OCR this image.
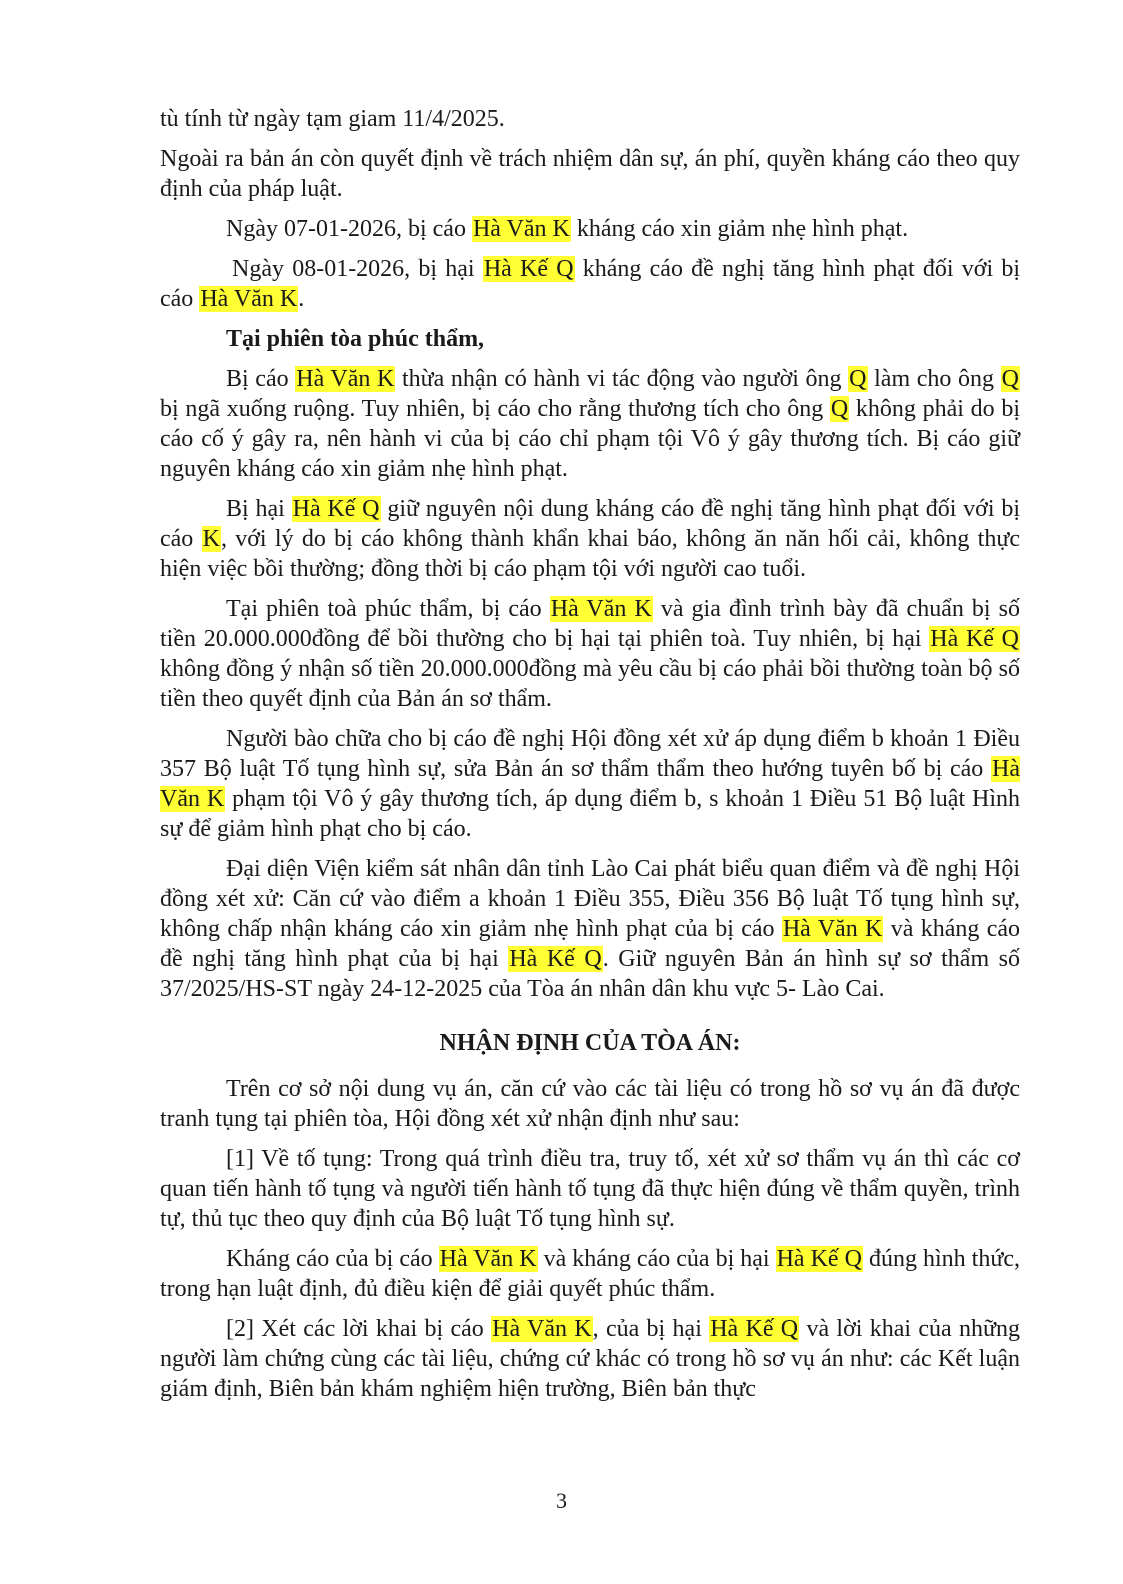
tù tính từ ngày tạm giam 11/4/2025.

Ngoài ra bản án còn quyết định về trách nhiệm dân sự, án phí, quyền kháng cáo theo quy định của pháp luật.

Ngày 07-01-2026, bị cáo Hà Văn K kháng cáo xin giảm nhẹ hình phạt.

Ngày 08-01-2026, bị hại Hà Kế Q kháng cáo đề nghị tăng hình phạt đối với bị cáo Hà Văn K.

Tại phiên tòa phúc thẩm,

Bị cáo Hà Văn K thừa nhận có hành vi tác động vào người ông Q làm cho ông Q bị ngã xuống ruộng. Tuy nhiên, bị cáo cho rằng thương tích cho ông Q không phải do bị cáo cố ý gây ra, nên hành vi của bị cáo chỉ phạm tội Vô ý gây thương tích. Bị cáo giữ nguyên kháng cáo xin giảm nhẹ hình phạt.

Bị hại Hà Kế Q giữ nguyên nội dung kháng cáo đề nghị tăng hình phạt đối với bị cáo K, với lý do bị cáo không thành khẩn khai báo, không ăn năn hối cải, không thực hiện việc bồi thường; đồng thời bị cáo phạm tội với người cao tuổi.

Tại phiên toà phúc thẩm, bị cáo Hà Văn K và gia đình trình bày đã chuẩn bị số tiền 20.000.000đồng để bồi thường cho bị hại tại phiên toà. Tuy nhiên, bị hại Hà Kế Q không đồng ý nhận số tiền 20.000.000đồng mà yêu cầu bị cáo phải bồi thường toàn bộ số tiền theo quyết định của Bản án sơ thẩm.

Người bào chữa cho bị cáo đề nghị Hội đồng xét xử áp dụng điểm b khoản 1 Điều 357 Bộ luật Tố tụng hình sự, sửa Bản án sơ thẩm thẩm theo hướng tuyên bố bị cáo Hà Văn K phạm tội Vô ý gây thương tích, áp dụng điểm b, s khoản 1 Điều 51 Bộ luật Hình sự để giảm hình phạt cho bị cáo.

Đại diện Viện kiểm sát nhân dân tỉnh Lào Cai phát biểu quan điểm và đề nghị Hội đồng xét xử: Căn cứ vào điểm a khoản 1 Điều 355, Điều 356 Bộ luật Tố tụng hình sự, không chấp nhận kháng cáo xin giảm nhẹ hình phạt của bị cáo Hà Văn K và kháng cáo đề nghị tăng hình phạt của bị hại Hà Kế Q. Giữ nguyên Bản án hình sự sơ thẩm số 37/2025/HS-ST ngày 24-12-2025 của Tòa án nhân dân khu vực 5- Lào Cai.

NHẬN ĐỊNH CỦA TÒA ÁN:

Trên cơ sở nội dung vụ án, căn cứ vào các tài liệu có trong hồ sơ vụ án đã được tranh tụng tại phiên tòa, Hội đồng xét xử nhận định như sau:

[1] Về tố tụng: Trong quá trình điều tra, truy tố, xét xử sơ thẩm vụ án thì các cơ quan tiến hành tố tụng và người tiến hành tố tụng đã thực hiện đúng về thẩm quyền, trình tự, thủ tục theo quy định của Bộ luật Tố tụng hình sự.

Kháng cáo của bị cáo Hà Văn K và kháng cáo của bị hại Hà Kế Q đúng hình thức, trong hạn luật định, đủ điều kiện để giải quyết phúc thẩm.

[2] Xét các lời khai bị cáo Hà Văn K, của bị hại Hà Kế Q và lời khai của những người làm chứng cùng các tài liệu, chứng cứ khác có trong hồ sơ vụ án như: các Kết luận giám định, Biên bản khám nghiệm hiện trường, Biên bản thực

3
